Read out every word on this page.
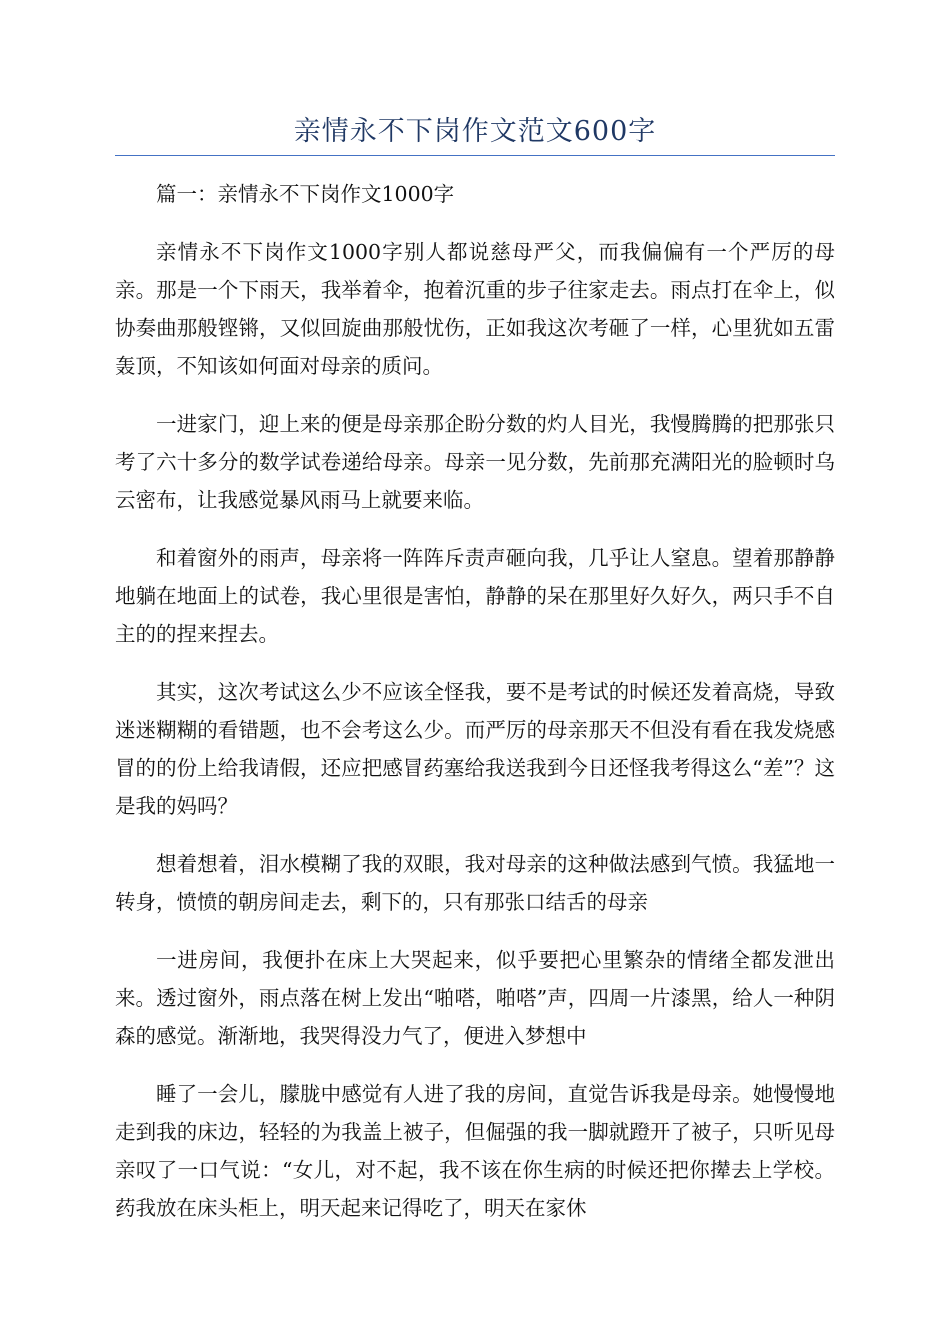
亲情永不下岗作文范文600字

篇一：亲情永不下岗作文1000字

亲情永不下岗作文1000字别人都说慈母严父，而我偏偏有一个严厉的母亲。那是一个下雨天，我举着伞，抱着沉重的步子往家走去。雨点打在伞上，似协奏曲那般铿锵，又似回旋曲那般忧伤，正如我这次考砸了一样，心里犹如五雷轰顶，不知该如何面对母亲的质问。

一进家门，迎上来的便是母亲那企盼分数的灼人目光，我慢腾腾的把那张只考了六十多分的数学试卷递给母亲。母亲一见分数，先前那充满阳光的脸顿时乌云密布，让我感觉暴风雨马上就要来临。

和着窗外的雨声，母亲将一阵阵斥责声砸向我，几乎让人窒息。望着那静静地躺在地面上的试卷，我心里很是害怕，静静的呆在那里好久好久，两只手不自主的的捏来捏去。

其实，这次考试这么少不应该全怪我，要不是考试的时候还发着高烧，导致迷迷糊糊的看错题，也不会考这么少。而严厉的母亲那天不但没有看在我发烧感冒的的份上给我请假，还应把感冒药塞给我送我到今日还怪我考得这么“差”？这是我的妈吗？

想着想着，泪水模糊了我的双眼，我对母亲的这种做法感到气愤。我猛地一转身，愤愤的朝房间走去，剩下的，只有那张口结舌的母亲

一进房间，我便扑在床上大哭起来，似乎要把心里繁杂的情绪全都发泄出来。透过窗外，雨点落在树上发出“啪嗒，啪嗒”声，四周一片漆黑，给人一种阴森的感觉。渐渐地，我哭得没力气了，便进入梦想中

睡了一会儿，朦胧中感觉有人进了我的房间，直觉告诉我是母亲。她慢慢地走到我的床边，轻轻的为我盖上被子，但倔强的我一脚就蹬开了被子，只听见母亲叹了一口气说：“女儿，对不起，我不该在你生病的时候还把你撵去上学校。药我放在床头柜上，明天起来记得吃了，明天在家休
